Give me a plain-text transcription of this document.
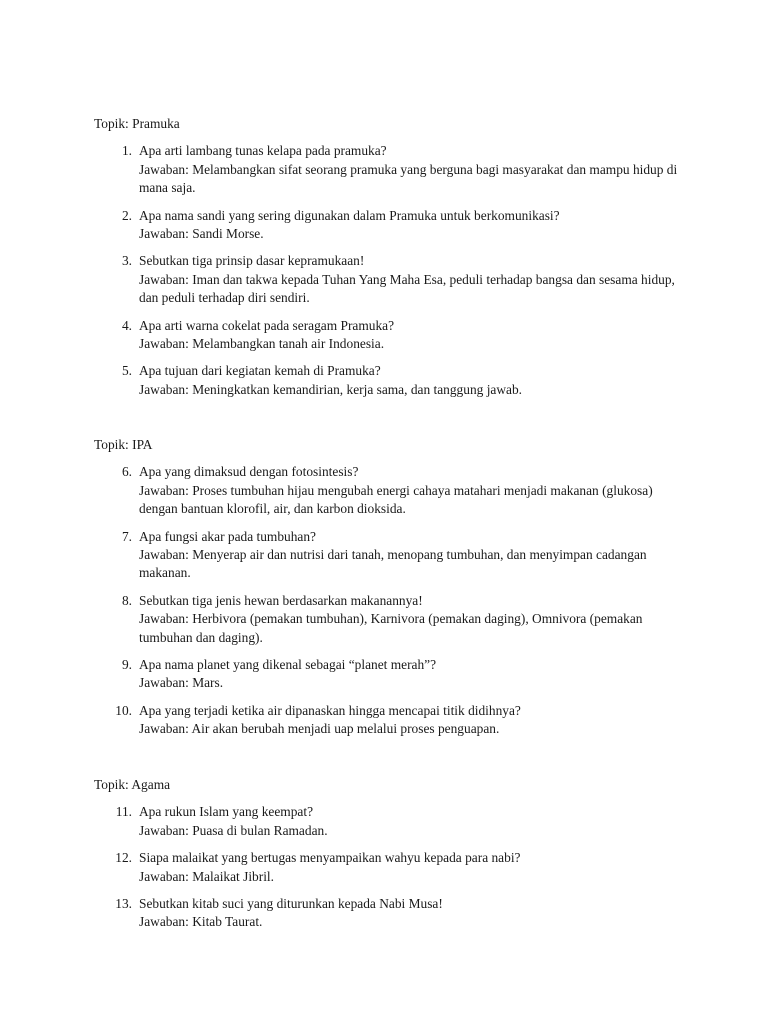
Topik: Pramuka
1. Apa arti lambang tunas kelapa pada pramuka?
Jawaban: Melambangkan sifat seorang pramuka yang berguna bagi masyarakat dan mampu hidup di mana saja.
2. Apa nama sandi yang sering digunakan dalam Pramuka untuk berkomunikasi?
Jawaban: Sandi Morse.
3. Sebutkan tiga prinsip dasar kepramukaan!
Jawaban: Iman dan takwa kepada Tuhan Yang Maha Esa, peduli terhadap bangsa dan sesama hidup, dan peduli terhadap diri sendiri.
4. Apa arti warna cokelat pada seragam Pramuka?
Jawaban: Melambangkan tanah air Indonesia.
5. Apa tujuan dari kegiatan kemah di Pramuka?
Jawaban: Meningkatkan kemandirian, kerja sama, dan tanggung jawab.
Topik: IPA
6. Apa yang dimaksud dengan fotosintesis?
Jawaban: Proses tumbuhan hijau mengubah energi cahaya matahari menjadi makanan (glukosa) dengan bantuan klorofil, air, dan karbon dioksida.
7. Apa fungsi akar pada tumbuhan?
Jawaban: Menyerap air dan nutrisi dari tanah, menopang tumbuhan, dan menyimpan cadangan makanan.
8. Sebutkan tiga jenis hewan berdasarkan makanannya!
Jawaban: Herbivora (pemakan tumbuhan), Karnivora (pemakan daging), Omnivora (pemakan tumbuhan dan daging).
9. Apa nama planet yang dikenal sebagai “planet merah”?
Jawaban: Mars.
10. Apa yang terjadi ketika air dipanaskan hingga mencapai titik didihnya?
Jawaban: Air akan berubah menjadi uap melalui proses penguapan.
Topik: Agama
11. Apa rukun Islam yang keempat?
Jawaban: Puasa di bulan Ramadan.
12. Siapa malaikat yang bertugas menyampaikan wahyu kepada para nabi?
Jawaban: Malaikat Jibril.
13. Sebutkan kitab suci yang diturunkan kepada Nabi Musa!
Jawaban: Kitab Taurat.
